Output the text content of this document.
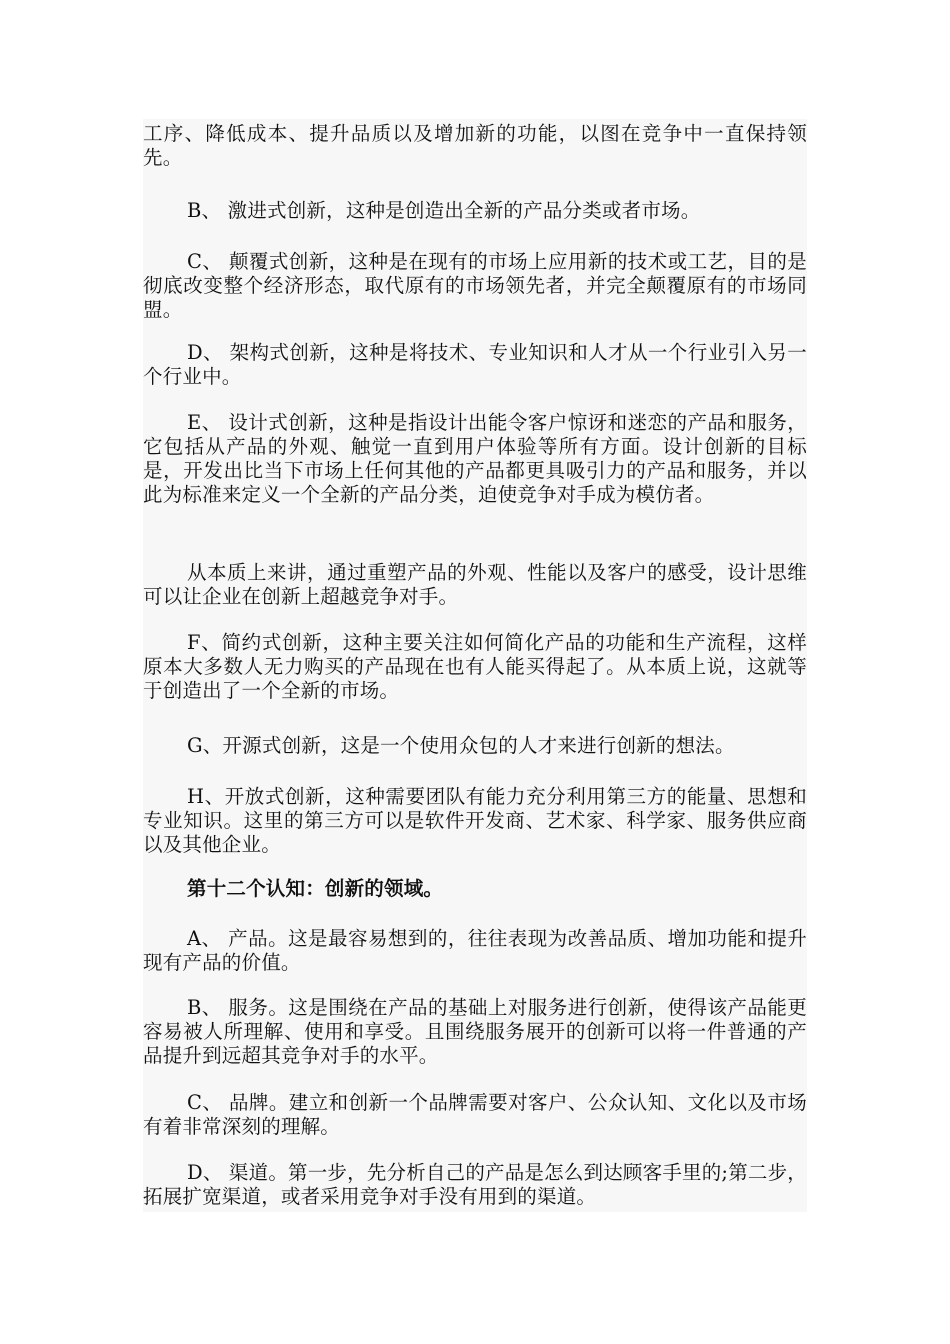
工序、降低成本、提升品质以及增加新的功能，以图在竞争中一直保持领先。

B、 激进式创新，这种是创造出全新的产品分类或者市场。

C、 颠覆式创新，这种是在现有的市场上应用新的技术或工艺，目的是彻底改变整个经济形态，取代原有的市场领先者，并完全颠覆原有的市场同盟。

D、 架构式创新，这种是将技术、专业知识和人才从一个行业引入另一个行业中。

E、 设计式创新，这种是指设计出能令客户惊讶和迷恋的产品和服务，它包括从产品的外观、触觉一直到用户体验等所有方面。设计创新的目标是，开发出比当下市场上任何其他的产品都更具吸引力的产品和服务，并以此为标准来定义一个全新的产品分类，迫使竞争对手成为模仿者。

从本质上来讲，通过重塑产品的外观、性能以及客户的感受，设计思维可以让企业在创新上超越竞争对手。

F、简约式创新，这种主要关注如何简化产品的功能和生产流程，这样原本大多数人无力购买的产品现在也有人能买得起了。从本质上说，这就等于创造出了一个全新的市场。

G、开源式创新，这是一个使用众包的人才来进行创新的想法。

H、开放式创新，这种需要团队有能力充分利用第三方的能量、思想和专业知识。这里的第三方可以是软件开发商、艺术家、科学家、服务供应商以及其他企业。

第十二个认知：创新的领域。

A、 产品。这是最容易想到的，往往表现为改善品质、增加功能和提升现有产品的价值。

B、 服务。这是围绕在产品的基础上对服务进行创新，使得该产品能更容易被人所理解、使用和享受。且围绕服务展开的创新可以将一件普通的产品提升到远超其竞争对手的水平。

C、 品牌。建立和创新一个品牌需要对客户、公众认知、文化以及市场有着非常深刻的理解。

D、 渠道。第一步，先分析自己的产品是怎么到达顾客手里的;第二步，拓展扩宽渠道，或者采用竞争对手没有用到的渠道。
